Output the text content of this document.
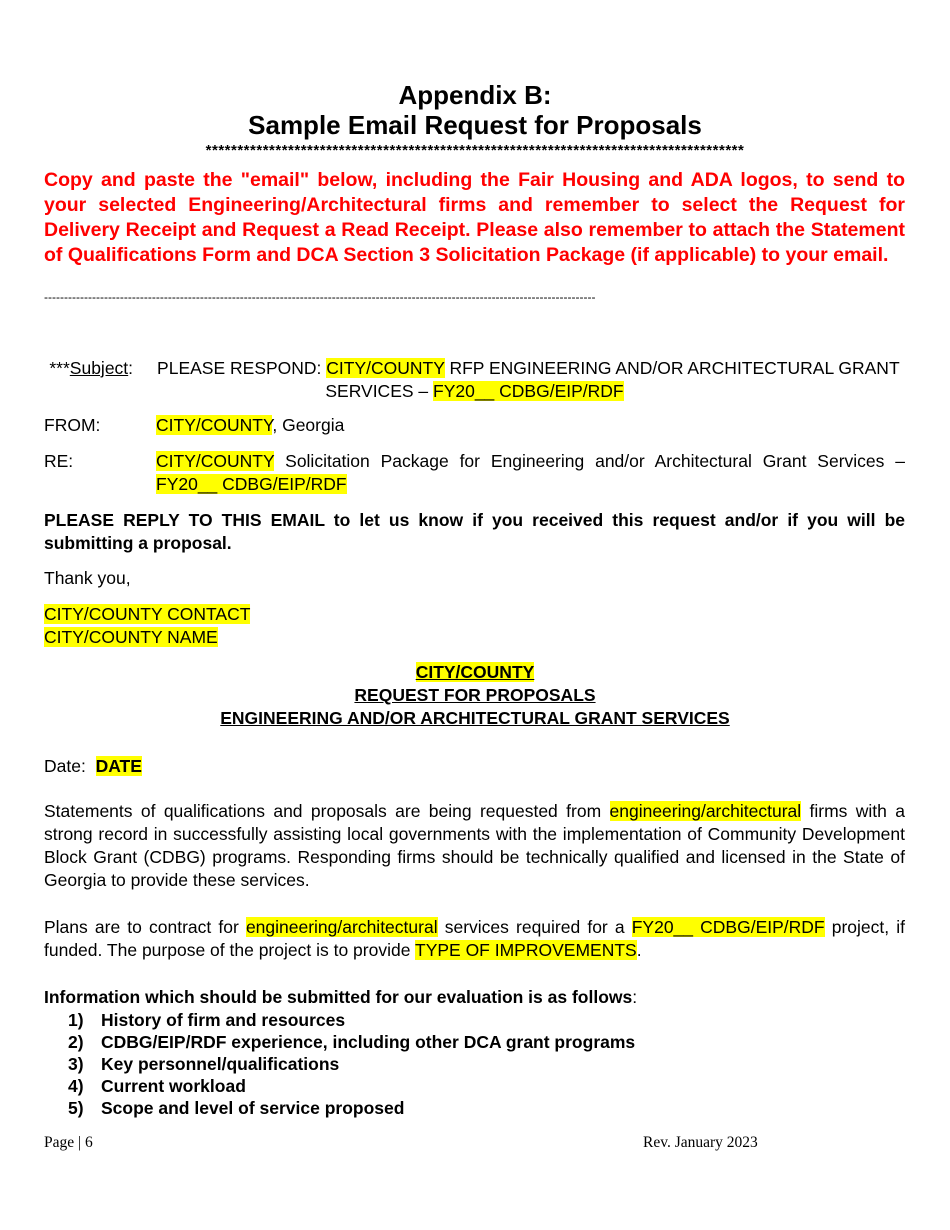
Appendix B:
Sample Email Request for Proposals
*************************************************************************************
Copy and paste the "email" below, including the Fair Housing and ADA logos, to send to your selected Engineering/Architectural firms and remember to select the Request for Delivery Receipt and Request a Read Receipt. Please also remember to attach the Statement of Qualifications Form and DCA Section 3 Solicitation Package (if applicable) to your email.
------------------------------------------------------------------------------------------------------------------------------------------
***Subject: PLEASE RESPOND: CITY/COUNTY RFP ENGINEERING AND/OR ARCHITECTURAL GRANT SERVICES – FY20__ CDBG/EIP/RDF
FROM:	CITY/COUNTY, Georgia
RE:	CITY/COUNTY Solicitation Package for Engineering and/or Architectural Grant Services – FY20__ CDBG/EIP/RDF
PLEASE REPLY TO THIS EMAIL to let us know if you received this request and/or if you will be submitting a proposal.
Thank you,
CITY/COUNTY CONTACT
CITY/COUNTY NAME
CITY/COUNTY
REQUEST FOR PROPOSALS
ENGINEERING AND/OR ARCHITECTURAL GRANT SERVICES
Date: DATE
Statements of qualifications and proposals are being requested from engineering/architectural firms with a strong record in successfully assisting local governments with the implementation of Community Development Block Grant (CDBG) programs. Responding firms should be technically qualified and licensed in the State of Georgia to provide these services.
Plans are to contract for engineering/architectural services required for a FY20__ CDBG/EIP/RDF project, if funded. The purpose of the project is to provide TYPE OF IMPROVEMENTS.
Information which should be submitted for our evaluation is as follows:
1) History of firm and resources
2) CDBG/EIP/RDF experience, including other DCA grant programs
3) Key personnel/qualifications
4) Current workload
5) Scope and level of service proposed
Page | 6	Rev. January 2023
